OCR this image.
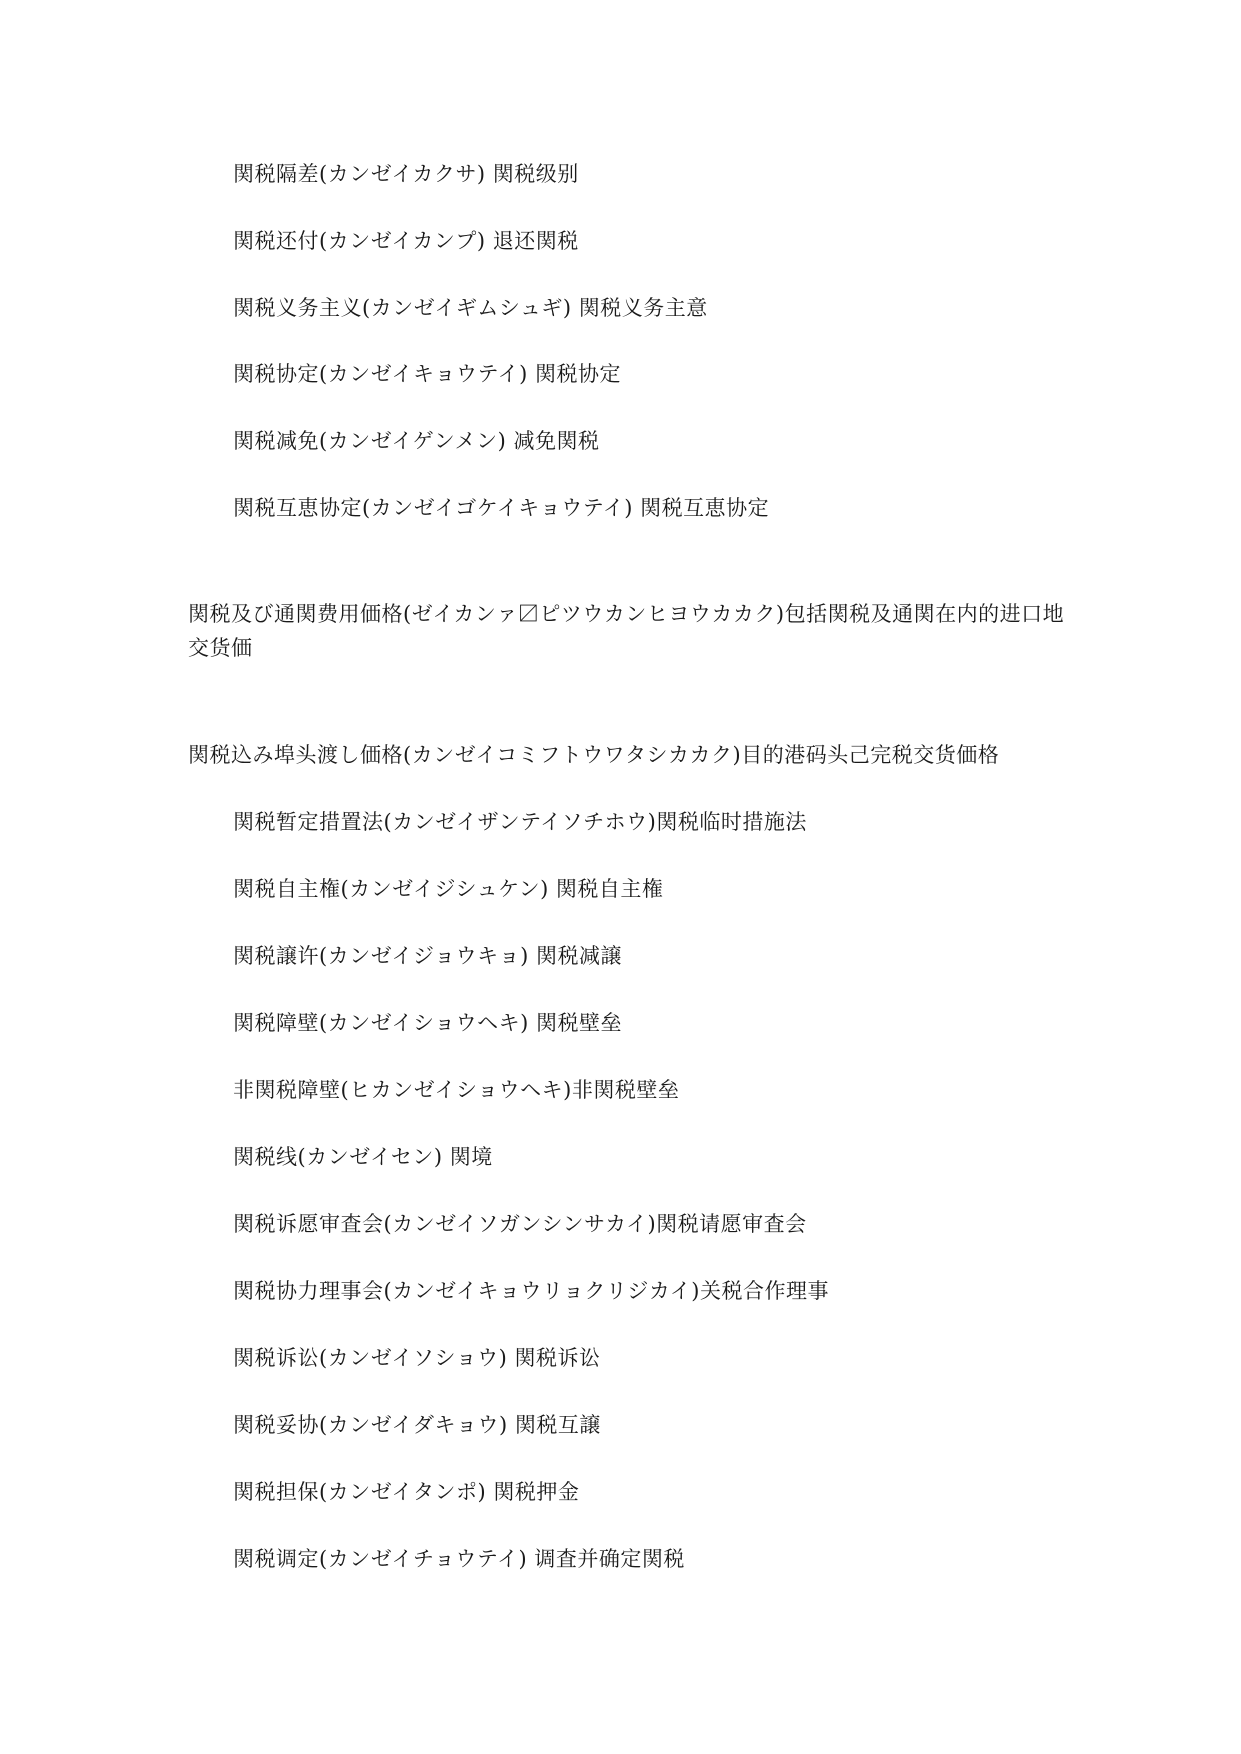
関税隔差(カンゼイカクサ) 関税级别
関税还付(カンゼイカンプ) 退还関税
関税义务主义(カンゼイギムシュギ) 関税义务主意
関税协定(カンゼイキョウテイ) 関税协定
関税减免(カンゼイゲンメン) 减免関税
関税互恵协定(カンゼイゴケイキョウテイ) 関税互恵协定
関税及び通関费用価格(ゼイカンァ〼ピツウカンヒヨウカカク)包括関税及通関在内的进口地交货価
関税込み埠头渡し価格(カンゼイコミフトウワタシカカク)目的港码头己完税交货価格
関税暂定措置法(カンゼイザンテイソチホウ)関税临时措施法
関税自主権(カンゼイジシュケン) 関税自主権
関税譲许(カンゼイジョウキョ) 関税减譲
関税障壁(カンゼイショウヘキ) 関税壁垒
非関税障壁(ヒカンゼイショウヘキ)非関税壁垒
関税线(カンゼイセン) 関境
関税诉愿审査会(カンゼイソガンシンサカイ)関税请愿审査会
関税协力理事会(カンゼイキョウリョクリジカイ)关税合作理事
関税诉讼(カンゼイソショウ) 関税诉讼
関税妥协(カンゼイダキョウ) 関税互譲
関税担保(カンゼイタンポ) 関税押金
関税调定(カンゼイチョウテイ) 调査并确定関税
